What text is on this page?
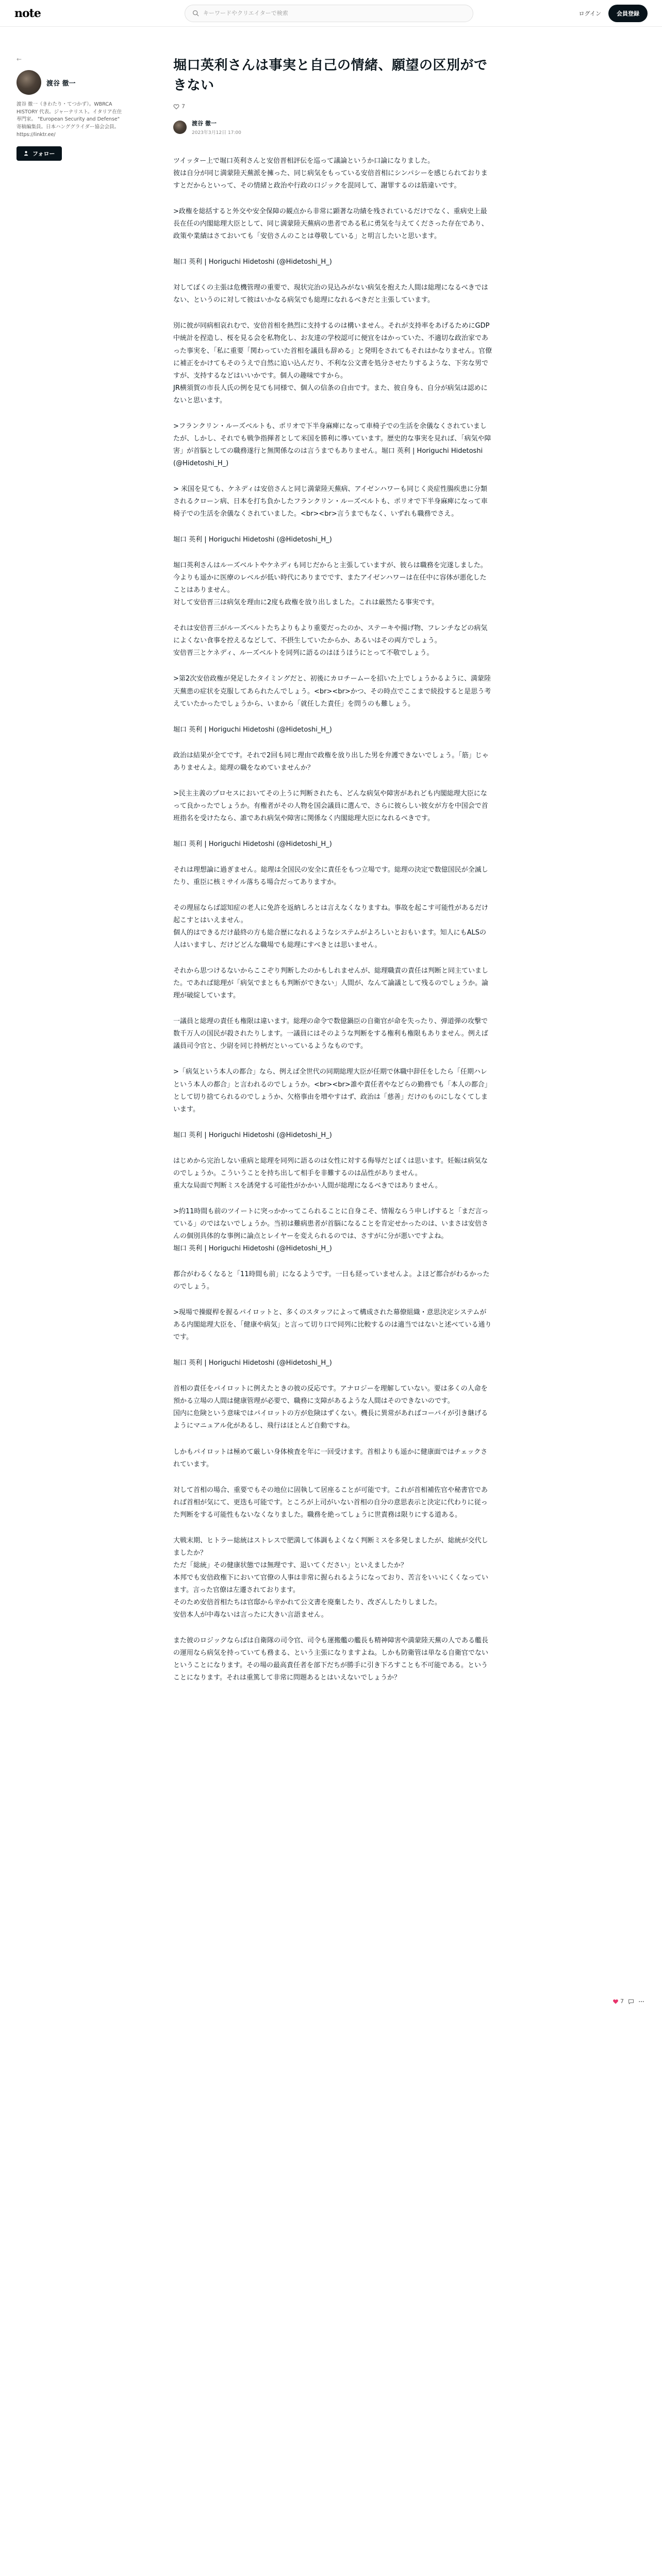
note
キーワードやクリエイターで検索	ログイン	会員登録
←
渡谷 徹一
渡谷 徹一（きわたり・てつかず）。WBRCA HISTORY 代表。ジャーナリスト。イタリア在住専門家。 "European Security and Defense" 寄稿編集員。日本ハンググライダー協会会員。 https://linktr.ee/
フォロー
堀口英利さんは事実と自己の情緒、願望の区別ができない
7
渡谷 徹一
2023年3月12日 17:00

ツイッター上で堀口英利さんと安倍晋相評伝を巡って議論というか口論になりました。
彼は自分が同じ満蒙陸天蕪派を擁った、同じ病気をもっている安倍首相にシンパシーを感じられておりますとだからといって、その情緒と政治や行政の口ジックを混同して、謝罪するのは筋違いです。

>政権を総括すると外交や安全保障の観点から非常に顕著な功績を残されているだけでなく、重病史上最長在任の内閣総理大臣として、同じ満蒙陸天蕪病の患者である私に勇気を与えてくださった存在であり、政策や業績はさておいても「安倍さんのことは尊敬している」と明言したいと思います。

堀口 英利 | Horiguchi Hidetoshi (@Hidetoshi_H_)

対してぼくの主張は危機管理の重要で、現状完治の見込みがない病気を抱えた人間は総理になるべきではない、というのに対して彼はいかなる病気でも総理になれるべきだと主張しています。

別に彼が同病相哀れむで、安倍首相を熱烈に支持するのは構いません。それが支持率をあげるためにGDP中統計を捏造し、桜を見る会を私物化し、お友達の学校認可に便宜をはかっていた、不適切な政治家であった事実を、「私に重要「関わっていた首相を議員も辞める」と発明をされてもそれはかなりません。官僚に補正をかけてもそのうえで自然に追い込んだり、不利な公文書を処分させたりするような、下劣な男ですが、支持するなどはいいかです。個人の趣味ですから。
JR横須賀の市長人氏の例を見ても同様で、個人の信条の自由です。また、彼自身も、自分が病気は認めにないと思います。

>フランクリン・ルーズベルトも、ポリオで下半身麻痺になって車椅子での生活を余儀なくされていましたが、しかし、それでも戦争指揮者として米国を勝利に導いています。歴史的な事実を見れば、「病気や障害」が首脳としての職務遂行と無関係なのは言うまでもありません。堀口 英利 | Horiguchi Hidetoshi (@Hidetoshi_H_)

> 米国を見ても、ケネディは安倍さんと同じ満蒙陸天蕪病、アイゼンハワーも同じく炎症性腸疾患に分類されるクローン病、日本を打ち負かしたフランクリン・ルーズベルトも、ポリオで下半身麻痺になって車椅子での生活を余儀なくされていました。<br><br>言うまでもなく、いずれも職務でさえ。

堀口 英利 | Horiguchi Hidetoshi (@Hidetoshi_H_)

堀口英利さんはルーズベルトやケネディも同じだからと主張していますが、彼らは職務を完遂しました。今よりも遥かに医療のレベルが低い時代にありまでです、またアイゼンハワーは在任中に容体が悪化したことはありません。
対して安倍晋三は病気を理由に2度も政権を放り出しました。これは厳然たる事実です。

それは安倍晋三がルーズベルトたちよりもより重要だったのか、ステーキや揚げ物、フレンチなどの病気によくない食事を控えるなどして、不摂生していたからか、あるいはその両方でしょう。
安倍晋三とケネディ、ルーズベルトを同列に語るのはほうほうにとって不敬でしょう。

>第2次安倍政権が発足したタイミングだと、初後にカロチームーを招いた上でしょうかるように、満蒙陸天蕪患の症状を克服してあられたんでしょう。<br><br>かつ、その時点でここまで続投すると是思う考えていたかったでしょうから、いまから「就任した責任」を問うのも難しょう。

堀口 英利 | Horiguchi Hidetoshi (@Hidetoshi_H_)

政治は結果が全てです。それで2回も同じ理由で政権を放り出した男を弁護できないでしょう。「筋」じゃありませんよ。総理の職をなめていませんか？

>民主主義のプロセスにおいてその上うに判断されたも、どんな病気や障害があれども内閣総理大臣になって良かったでしょうか。有権者がその人物を国会議員に選んで、さらに彼らしい彼女が方を中国会で首班指名を受けたなら、誰であれ病気や障害に関係なく内閣総理大臣になれるべきです。

堀口 英利 | Horiguchi Hidetoshi (@Hidetoshi_H_)

それは理想論に過ぎません。総理は全国民の安全に責任をもつ立場です。総理の決定で数億国民が全滅したり、重臣に核ミサイル落ちる場合だってありますか。

その理屈ならば認知症の老人に免許を返納しろとは言えなくなりますね。事故を起こす可能性があるだけ起こすとはいえません。
個人的はできるだけ最終の方も総合歴になれるようなシステムがよろしいとおもいます。知人にもALSの人はいますし、だけどどんな職場でも総理にすべきとは思いません。

それから思つけるないからここぞり判断したのかもしれませんが、総理職責の責任は判断と同主ていました。であれば総理が「病気でまともも判断ができない」人間が、なんて論議として残るのでしょうか。論理が破綻しています。

一議員と総理の責任も権限は違います。総理の命令で数億鍋臣の自衛官が命を失ったり、弾道弾の攻撃で数千万人の国民が殺されたりします。一議員にはそのような判断をする権利も権限もありません。例えば議員司令官と、少尉を同じ持柄だといっているようなものです。

>「病気という本人の都合」なら、例えば全世代の同期総理大臣が任期で休職中辞任をしたら「任期ハレという本人の都合」と言われるのでしょうか。<br><br>誰や責任者やなどらの勤務でも「本人の都合」として切り捨てられるのでしょうか、欠格事由を増やすはず、政治は「慈善」だけのものにしなくてしまいます。

堀口 英利 | Horiguchi Hidetoshi (@Hidetoshi_H_)

はじめから完治しない重病と総理を同列に語るのは女性に対する侮辱だとぼくは思います。妊娠は病気なのでしょうか。こういうことを持ち出して相手を非難するのは品性がありません。
重大な局面で判断ミスを誘発する可能性がかかい人間が総理になるべきではありません。

>約11時間も前のツイートに突っかかってこられることに自身こそ、情報ならう申しげすると「まだ言っている」のではないでしょうか。当初は難病患者が首脳になることを肯定せかったのは、いまさは安倍さんの個別具体的な事例に論点とレイヤーを変えられるのでは、さすがに分が悪いですよね。
堀口 英利 | Horiguchi Hidetoshi (@Hidetoshi_H_)

都合がわるくなると「11時間も前」になるようです。一日も経っていませんよ。よほど都合がわるかったのでしょう。

>現場で操縦桿を握るパイロットと、多くのスタッフによって構成された幕僚組織・意思決定システムがある内閣総理大臣を、「健康や病気」と言って切り口で同列に比較するのは適当ではないと述べている通りです。

堀口 英利 | Horiguchi Hidetoshi (@Hidetoshi_H_)

首相の責任をパイロットに例えたときの彼の反応です。アナロジーを理解していない。要は多くの人命を預かる立場の人間は健康管理が必要で、職務に支障があるような人間はそのできないのです。
国内に危険という意味ではパイロットの方が危険はずくない。機長に異常があればコーパイが引き継げるようにマニュアル化があるし、飛行はほとんど自動ですね。

しかもパイロットは極めて厳しい身体検査を年に一回受けます。首相よりも遥かに健康面ではチェックされています。

対して首相の場合、重要でもその地位に固執して居座ることが可能です。これが首相補佐官や秘書官であれば首相が気にて、更迭も可能です。ところが上司がいない首相の自分の意思表示と決定に代わりに従った判断をする可能性もないなくなりました。職務を絶ってしょうに世責務は限りにする道ある。

大戦末期、ヒトラー総統はストレスで肥満して体調もよくなく判断ミスを多発しましたが、総統が交代しましたか？
ただ「総統」その健康状態では無理です、退いてください」といえましたか？
本邦でも安倍政権下において官僚の人事は非常に握られるようになっており、苦言をいいにくくなっています。言った官僚は左遷されております。
そのため安倍首相たちは官邸から辛かれて公文書を廃棄したり、改ざんしたりしました。
安倍本人が中毒ないは言ったに大きい言語ません。

また彼のロジックならばは自衛隊の司令官、司令も運搬艦の艦長も精神障害や満蒙陸天蕪の人である艦長の運用なら病気を持っていても務まる、という主張になりますよね。しかも防衛管は単なる自衛官でないということになります。その場の最高責任者を部下だちが勝手に引き下ろすことも不可能である。ということになります。それは重篤して非常に問題あるとはいえないでしょうか？

7
